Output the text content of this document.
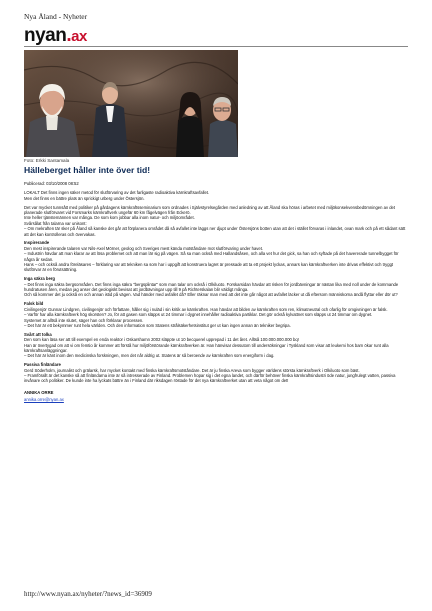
Nya Åland - Nyheter
nyan.ax
Foto: Erkki Santamala
Hälleberget håller inte över tid!

Publicerad: 03/10/2008 08:52

LOKALT Det finns ingen säker metod för slutförvaring av det farligaste radioaktiva kärnkraftsavfallet.
Men det finns en bättre plats än sprickigt urberg under Östersjön.

Det var mycket tunnsått med politiker på gårdagens kärnkraftsseminarium som ordnades i Självstyrelsegården med anledning av att Åland ska höras i arbetet med miljökonsekvensbedömningen av det planerade slutförvaret vid Forsmarks kärnkraftverk ungefär 60 km fågelvägen från Eckerö.
Inte heller tjänstemännen var många. De som kom jobbar alla inom natur- och miljöområdet.
Svårsålat från talarna var unisont:
– Om mekraften tär sker på Åland så kanske det går att förplanera området då så avfallet inte läggs ner djupt under Östersjöns botten utan att det i stället förvaras i inlandet, ovan mark och på ett sådant sätt att det kan kontrolleras och övervakas.

Inspirerande

Den mest inspirerande talaren var Nils-Axel Mörner, geolog och Sveriges mest kända motståndare mot slutförvaring under havet.
– Industrin hävdar att man klarar av att lösa problemet och att man lär sig på vägen. Så sa man också med Hallandsåsen, och alla vet hur det gick, sa han och syftade på det havererade tunnelbygget för några år sedan.
Hans – och också andra föreläsares – förklaring var att tekniken sa som har i uppgift att konstruera lagret är pressade att ta ett projekt lyckas, annars kan kärnkraftverken inte drivas effektivt och tryggt slutförvar är en förutsättning.

Inga säkra berg

– Det finns inga säkra bergsområden. Det finns inga säkra "bergsplintar" som man talar om också i Olkiluoto. Forskarsidan hävdar att risken för jordbävningar är nästan lika med noll under de kommande hundratusen åren, medan jag anser det geologiskt bevisat att jordbävningar upp till 9 på Richterskalan blir väldigt många.
Och så kommer det ju också en och annan istid på vägen. Vad händer med avfallet då? Eller räknar man med att det inte går något att avfallet läcker ut då eftersom människorna ändå flyttar eller dör ut?

Falsk bild

Civilingenjör Gunnar Lindgren, civilingenjör och författare, håller sig i nuläd i sin kritik av kärnkraften. Han hävdar att bilden av kärnkraften som ren, klimatneutral och ofarlig för omgivningen är falsk.
– Varför har alla kärnkraftverk hög skorsten? Jo, för att gasen som släpps ut 24 timmar i dygnet innehåller radioaktiva partiklar. Det gör också kylvattnet som släpps ut 24 timmar om dygnet.
Systemet är alltså inte slutet, säger han och förklarar processen.
– Det här är ett bekymmer runt hela världen. Och den information som Statens strålsäkerhetsinstitut ger ut kan ingen annan än tekniker begripa.

Svårt att tolka

Den som kan läsa ser att till exempel en enda reaktor i Oskarshamn 2002 släppte ut 10 becquerel upprepad i 11 det året. Alltså 100.000.000.000 bq!
Han är övertygad om att vi om femtio år kommer att förstå hur miljöförstörande kärnkraftverken är. Han hänvisar dessutom till undersökningar i Tyskland som visar att leukemi hos barn ökar runt alla kärnkraftsanläggningar.
– Det här är känt inom den medicinska forskningen, men det når aldrig ut. Statens är så beroende av kärnkraften som energiform i dag.

Passiva finländare

Gerd Söderholm, journalist och grälarsk, har mycket kontakt med finska kärnkraftsmotståndare. Det är ju finska Areva som bygger världens största kärnkraftverk i Olkiluoto som bäst.
– Framförallt är det kanske så att finländarna inte är så intresserade av Finland. Problemen hopar sig i det egna landet, och därför behöver finska kärnkraftsindustri öde natur, jungfrulegt vatten, passiva invånare och politiker. De kunde inte ha lyckats bättre än i Finland där riksdagen röstade för det nya kärnkraftverket utan att veta något om det!

ANNIKA ORRE

annika.orre@nyan.ax

http://www.nyan.ax/nyheter/?news_id=36909
